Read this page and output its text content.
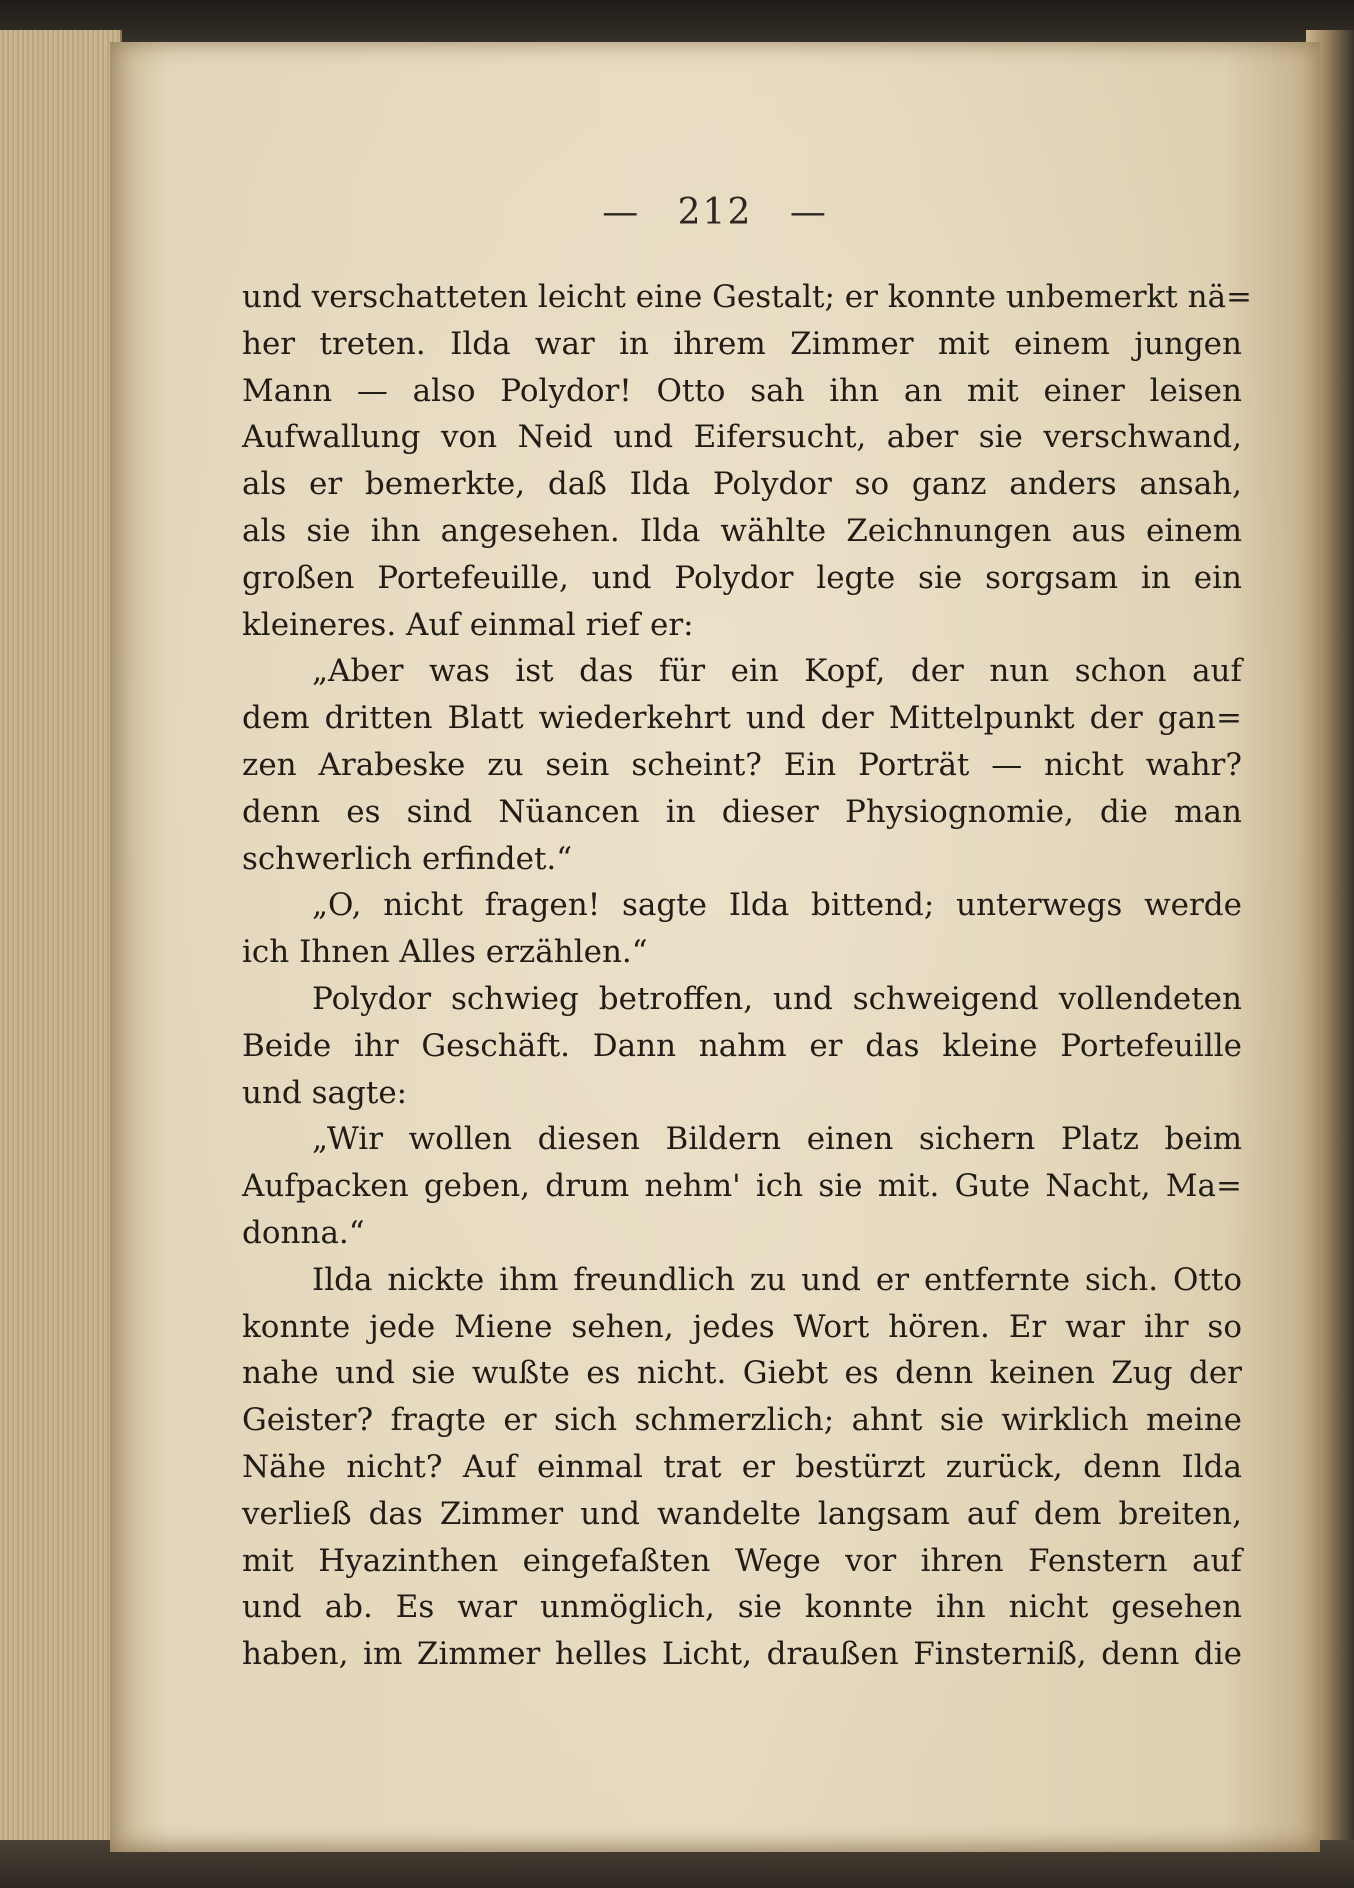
— 212 —
und verschatteten leicht eine Gestalt; er konnte unbemerkt nä=
her treten. Ilda war in ihrem Zimmer mit einem jungen
Mann — also Polydor! Otto sah ihn an mit einer leisen
Aufwallung von Neid und Eifersucht, aber sie verschwand,
als er bemerkte, daß Ilda Polydor so ganz anders ansah,
als sie ihn angesehen. Ilda wählte Zeichnungen aus einem
großen Portefeuille, und Polydor legte sie sorgsam in ein
kleineres. Auf einmal rief er:
„Aber was ist das für ein Kopf, der nun schon auf
dem dritten Blatt wiederkehrt und der Mittelpunkt der gan=
zen Arabeske zu sein scheint? Ein Porträt — nicht wahr?
denn es sind Nüancen in dieser Physiognomie, die man
schwerlich erfindet.“
„O, nicht fragen! sagte Ilda bittend; unterwegs werde
ich Ihnen Alles erzählen.“
Polydor schwieg betroffen, und schweigend vollendeten
Beide ihr Geschäft. Dann nahm er das kleine Portefeuille
und sagte:
„Wir wollen diesen Bildern einen sichern Platz beim
Aufpacken geben, drum nehm' ich sie mit. Gute Nacht, Ma=
donna.“
Ilda nickte ihm freundlich zu und er entfernte sich. Otto
konnte jede Miene sehen, jedes Wort hören. Er war ihr so
nahe und sie wußte es nicht. Giebt es denn keinen Zug der
Geister? fragte er sich schmerzlich; ahnt sie wirklich meine
Nähe nicht? Auf einmal trat er bestürzt zurück, denn Ilda
verließ das Zimmer und wandelte langsam auf dem breiten,
mit Hyazinthen eingefaßten Wege vor ihren Fenstern auf
und ab. Es war unmöglich, sie konnte ihn nicht gesehen
haben, im Zimmer helles Licht, draußen Finsterniß, denn die
